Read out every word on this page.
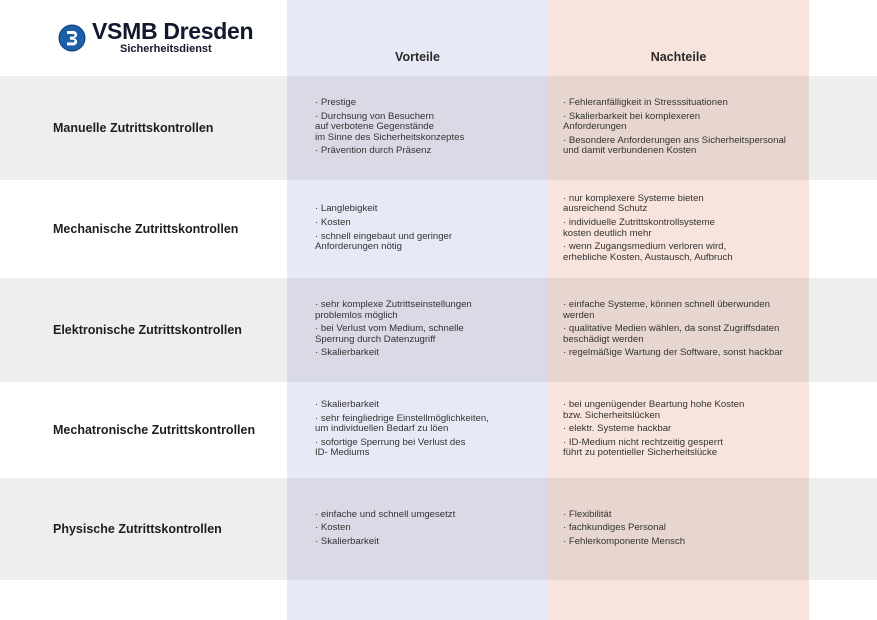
VSMB Dresden
Sicherheitsdienst
Vorteile	Nachteile
Manuelle Zutrittskontrollen
· Prestige
· Durchsung von Besuchern
auf verbotene Gegenstände
im Sinne des Sicherheitskonzeptes
· Prävention durch Präsenz
· Fehleranfälligkeit in Stresssituationen
· Skalierbarkeit bei komplexeren
Anforderungen
· Besondere Anforderungen ans Sicherheitspersonal
und damit verbundenen Kosten
Mechanische Zutrittskontrollen
· Langlebigkeit
· Kosten
· schnell eingebaut und geringer
Anforderungen nötig
· nur komplexere Systeme bieten
ausreichend Schutz
· individuelle Zutrittskontrollsysteme
kosten deutlich mehr
· wenn Zugangsmedium verloren wird,
erhebliche Kosten, Austausch, Aufbruch
Elektronische Zutrittskontrollen
· sehr komplexe Zutrittseinstellungen
problemlos möglich
· bei Verlust vom Medium, schnelle
Sperrung durch Datenzugriff
· Skalierbarkeit
· einfache Systeme, können schnell überwunden
werden
· qualitative Medien wählen, da sonst Zugriffsdaten
beschädigt werden
· regelmäßige Wartung der Software, sonst hackbar
Mechatronische Zutrittskontrollen
· Skalierbarkeit
· sehr feingliedrige Einstellmöglichkeiten,
um individuellen Bedarf zu löen
· sofortige Sperrung bei Verlust des
ID- Mediums
· bei ungenügender Beartung hohe Kosten
bzw. Sicherheitslücken
· elektr. Systeme hackbar
· ID-Medium nicht rechtzeitig gesperrt
führt zu potentieller Sicherheitslücke
Physische Zutrittskontrollen
· einfache und schnell umgesetzt
· Kosten
· Skalierbarkeit
· Flexibilität
· fachkundiges Personal
· Fehlerkomponente Mensch
